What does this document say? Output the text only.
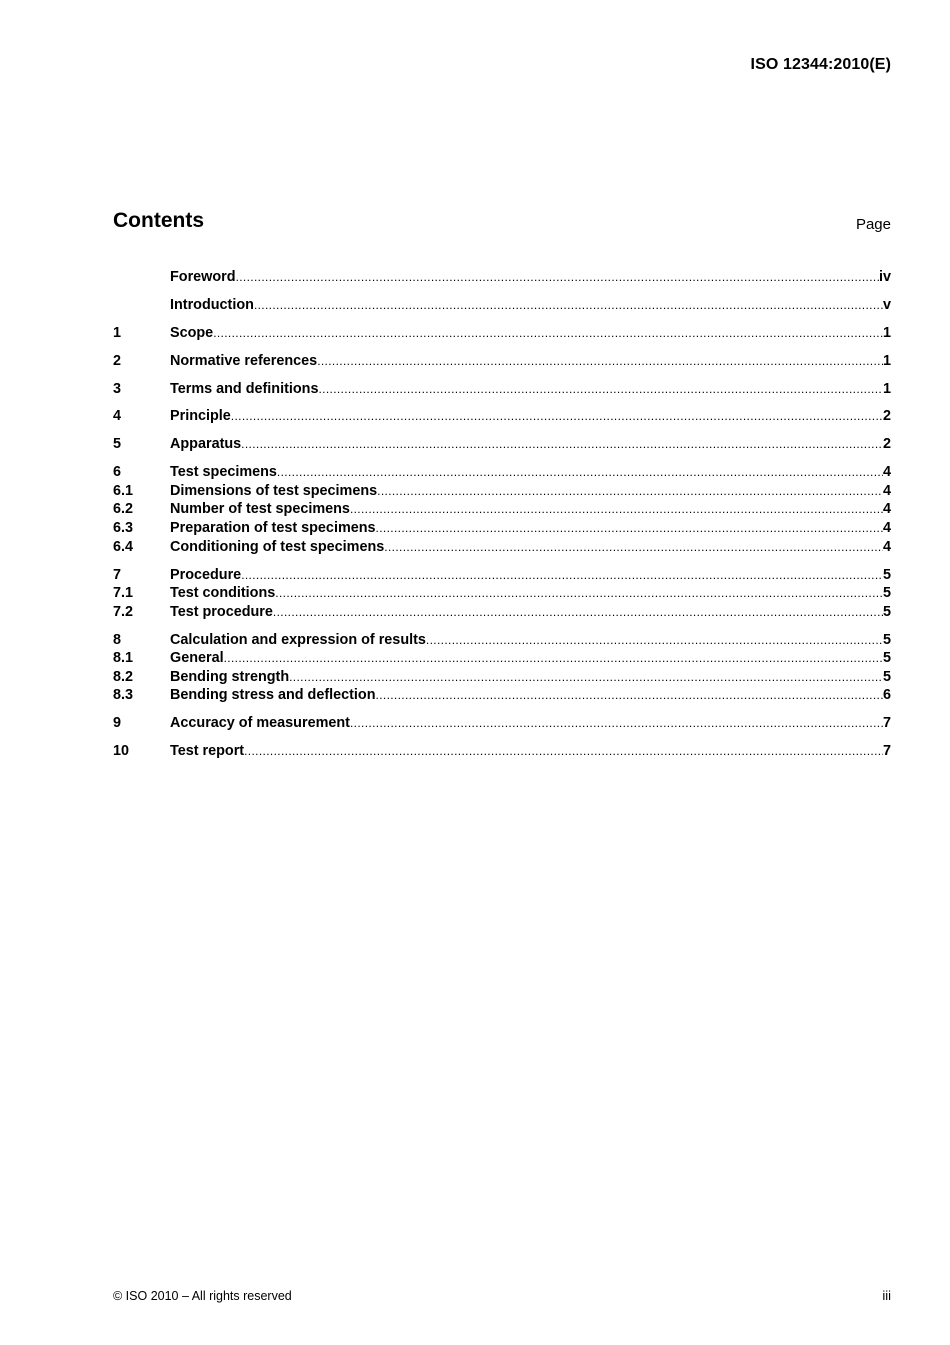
ISO 12344:2010(E)
Contents	Page
Foreword .....	iv
Introduction .....	v
1	Scope .....	1
2	Normative references .....	1
3	Terms and definitions .....	1
4	Principle .....	2
5	Apparatus .....	2
6	Test specimens .....	4
6.1	Dimensions of test specimens .....	4
6.2	Number of test specimens .....	4
6.3	Preparation of test specimens .....	4
6.4	Conditioning of test specimens .....	4
7	Procedure .....	5
7.1	Test conditions .....	5
7.2	Test procedure .....	5
8	Calculation and expression of results .....	5
8.1	General .....	5
8.2	Bending strength .....	5
8.3	Bending stress and deflection .....	6
9	Accuracy of measurement .....	7
10	Test report .....	7
© ISO 2010 – All rights reserved	iii
